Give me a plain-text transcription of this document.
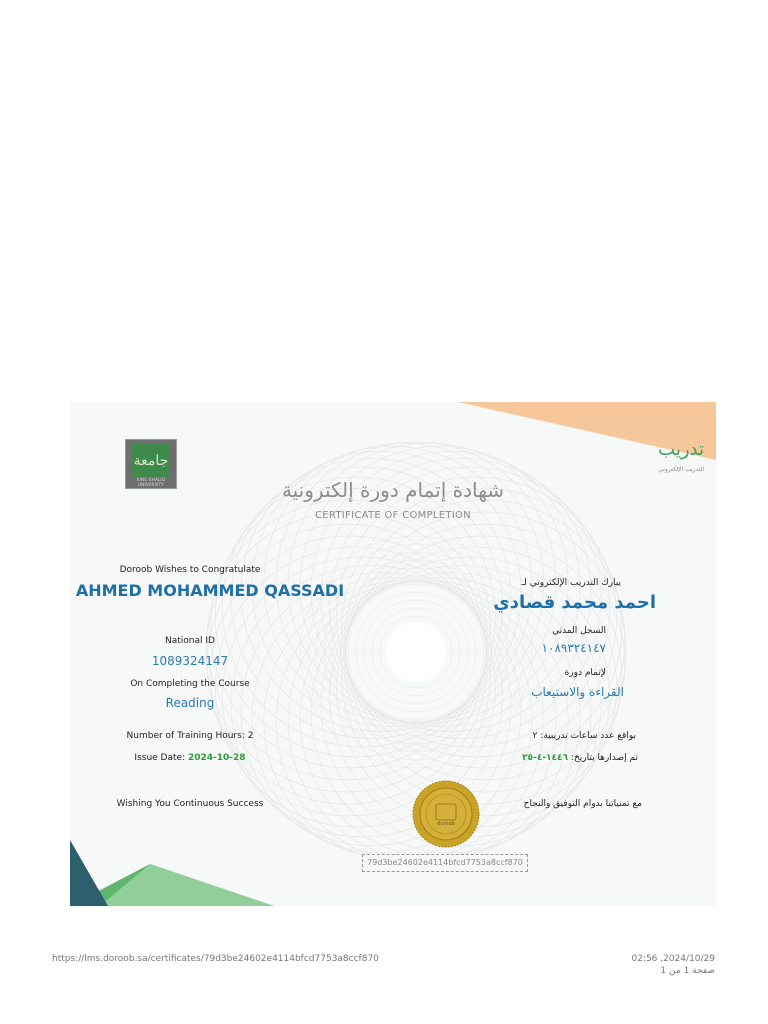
جامعة
KING KHALID UNIVERSITY
تدريب
التدريب الإلكتروني
شهادة إتمام دورة إلكترونية
CERTIFICATE OF COMPLETION
Doroob Wishes to Congratulate
AHMED MOHAMMED QASSADI
National ID
1089324147
On Completing the Course
Reading
Number of Training Hours: 2
Issue Date: 2024-10-28
Wishing You Continuous Success
يبارك التدريب الإلكتروني لـ
احمد محمد قصادي
السجل المدني
١٠٨٩٣٢٤١٤٧
لإتمام دورة
القراءة والاستيعاب
بواقع عدد ساعات تدريبية: ٢
تم إصدارها بتاريخ: ١٤٤٦-٤-٢٥
مع تمنياتنا بدوام التوفيق والنجاح
doroob
79d3be24602e4114bfcd7753a8ccf870
https://lms.doroob.sa/certificates/79d3be24602e4114bfcd7753a8ccf870	02:56 ,2024/10/29
صفحة 1 من 1
